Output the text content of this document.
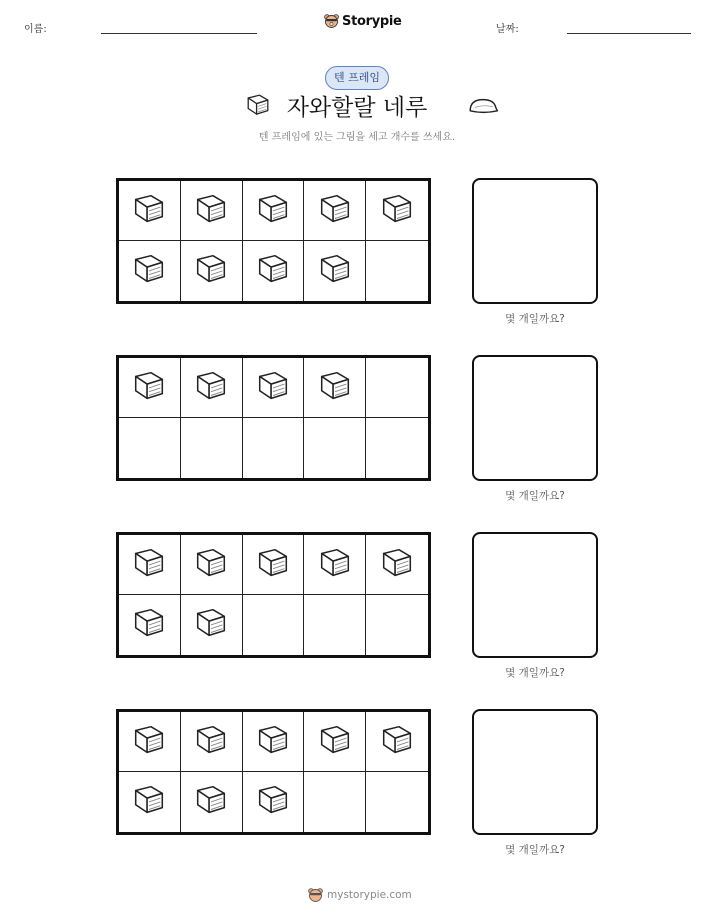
이름:
Storypie
날짜:
텐 프레임
자와할랄 네루
텐 프레임에 있는 그림을 세고 개수를 쓰세요.
몇 개일까요?
몇 개일까요?
몇 개일까요?
몇 개일까요?
mystorypie.com
